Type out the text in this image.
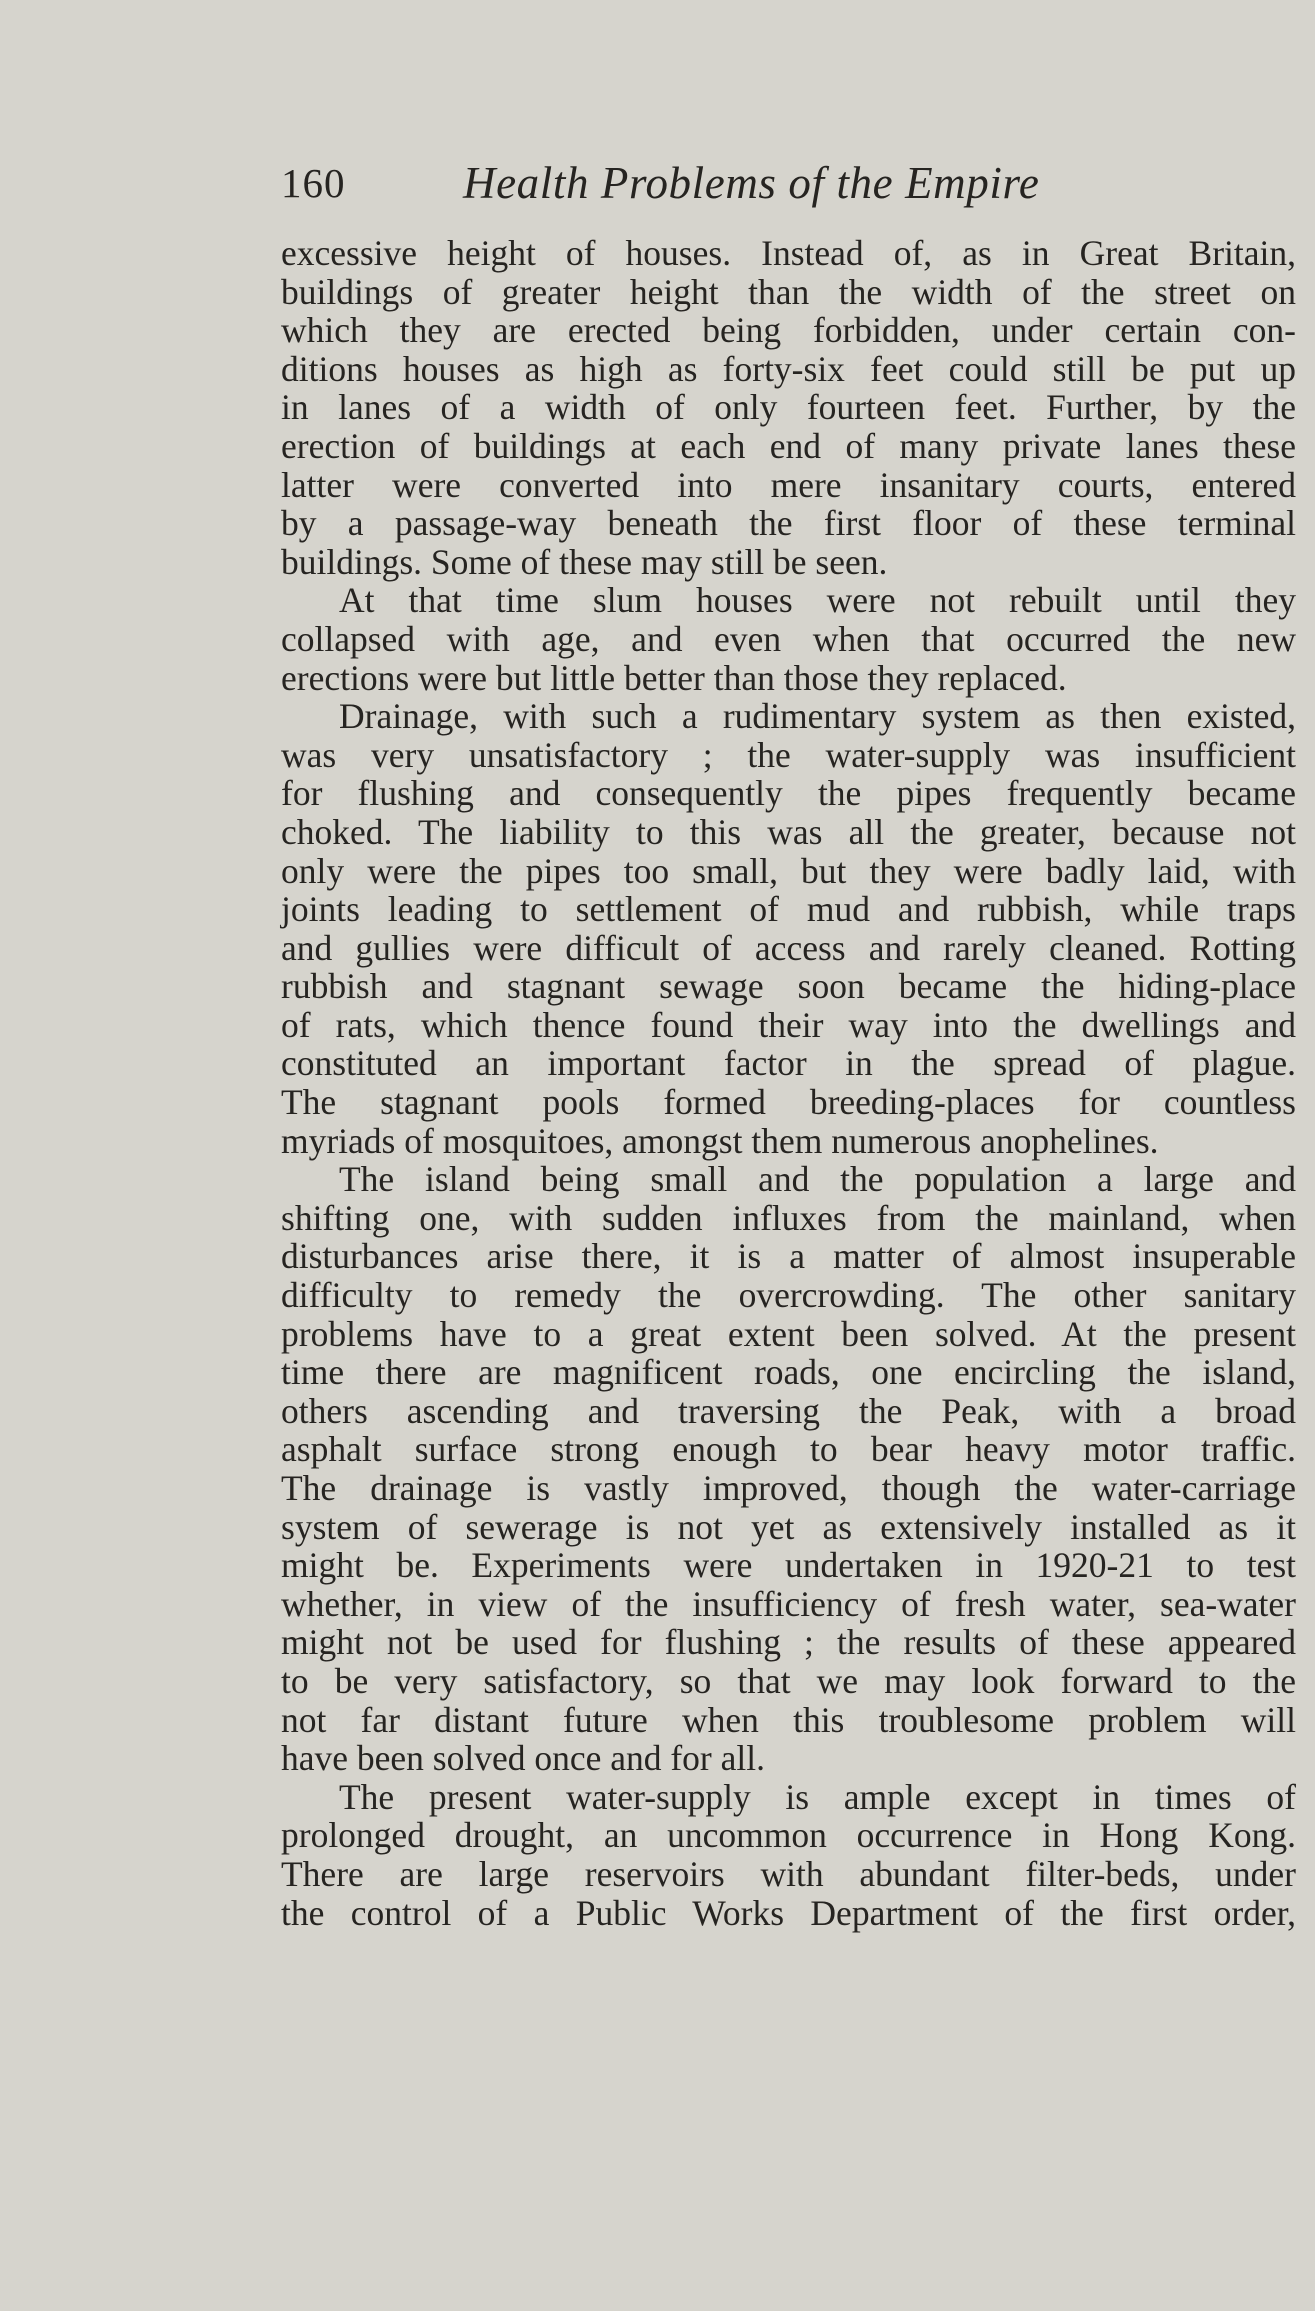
160	Health Problems of the Empire
excessive height of houses. Instead of, as in Great Britain,
buildings of greater height than the width of the street on
which they are erected being forbidden, under certain con-
ditions houses as high as forty-six feet could still be put up
in lanes of a width of only fourteen feet. Further, by the
erection of buildings at each end of many private lanes these
latter were converted into mere insanitary courts, entered
by a passage-way beneath the first floor of these terminal
buildings. Some of these may still be seen.
At that time slum houses were not rebuilt until they
collapsed with age, and even when that occurred the new
erections were but little better than those they replaced.
Drainage, with such a rudimentary system as then existed,
was very unsatisfactory ; the water-supply was insufficient
for flushing and consequently the pipes frequently became
choked. The liability to this was all the greater, because not
only were the pipes too small, but they were badly laid, with
joints leading to settlement of mud and rubbish, while traps
and gullies were difficult of access and rarely cleaned. Rotting
rubbish and stagnant sewage soon became the hiding-place
of rats, which thence found their way into the dwellings and
constituted an important factor in the spread of plague.
The stagnant pools formed breeding-places for countless
myriads of mosquitoes, amongst them numerous anophelines.
The island being small and the population a large and
shifting one, with sudden influxes from the mainland, when
disturbances arise there, it is a matter of almost insuperable
difficulty to remedy the overcrowding. The other sanitary
problems have to a great extent been solved. At the present
time there are magnificent roads, one encircling the island,
others ascending and traversing the Peak, with a broad
asphalt surface strong enough to bear heavy motor traffic.
The drainage is vastly improved, though the water-carriage
system of sewerage is not yet as extensively installed as it
might be. Experiments were undertaken in 1920-21 to test
whether, in view of the insufficiency of fresh water, sea-water
might not be used for flushing ; the results of these appeared
to be very satisfactory, so that we may look forward to the
not far distant future when this troublesome problem will
have been solved once and for all.
The present water-supply is ample except in times of
prolonged drought, an uncommon occurrence in Hong Kong.
There are large reservoirs with abundant filter-beds, under
the control of a Public Works Department of the first order,
